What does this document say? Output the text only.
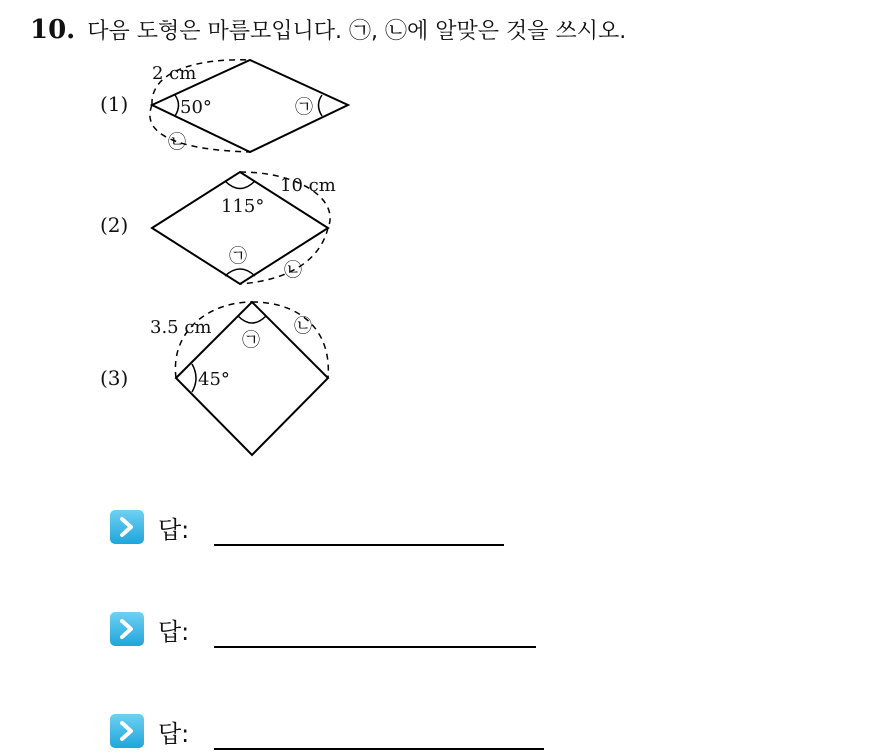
10. 다음 도형은 마름모입니다. ㉠, ㉡에 알맞은 것을 쓰시오.
(1)
(2)
(3)
2 cm
50°	㉠
㉡
10 cm
115°
㉠
㉡
3.5 cm
45°
㉠
㉡
답:
답:
답:
